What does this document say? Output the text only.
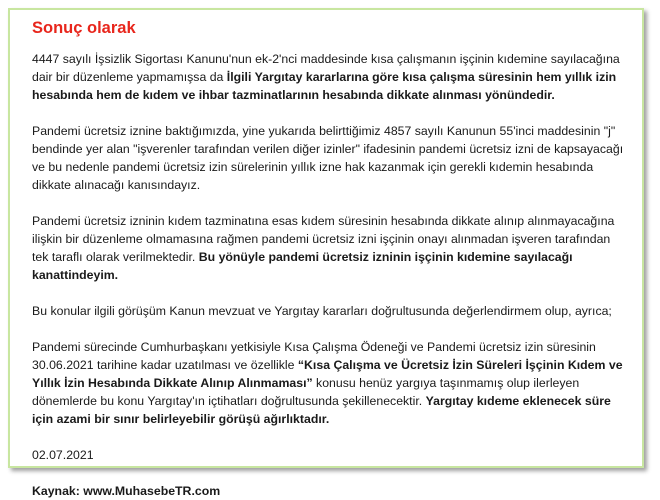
Sonuç olarak

4447 sayılı İşsizlik Sigortası Kanunu'nun ek-2'nci maddesinde kısa çalışmanın işçinin kıdemine sayılacağına dair bir düzenleme yapmamışsa da İlgili Yargıtay kararlarına göre kısa çalışma süresinin hem yıllık izin hesabında hem de kıdem ve ihbar tazminatlarının hesabında dikkate alınması yönündedir.

Pandemi ücretsiz iznine baktığımızda, yine yukarıda belirttiğimiz 4857 sayılı Kanunun 55'inci maddesinin "j" bendinde yer alan "işverenler tarafından verilen diğer izinler" ifadesinin pandemi ücretsiz izni de kapsayacağı ve bu nedenle pandemi ücretsiz izin sürelerinin yıllık izne hak kazanmak için gerekli kıdemin hesabında dikkate alınacağı kanısındayız.

Pandemi ücretsiz izninin kıdem tazminatına esas kıdem süresinin hesabında dikkate alınıp alınmayacağına ilişkin bir düzenleme olmamasına rağmen pandemi ücretsiz izni işçinin onayı alınmadan işveren tarafından tek taraflı olarak verilmektedir. Bu yönüyle pandemi ücretsiz izninin işçinin kıdemine sayılacağı kanattindeyim.

Bu konular ilgili görüşüm Kanun mevzuat ve Yargıtay kararları doğrultusunda değerlendirmem olup, ayrıca;

Pandemi sürecinde Cumhurbaşkanı yetkisiyle Kısa Çalışma Ödeneği ve Pandemi ücretsiz izin süresinin 30.06.2021 tarihine kadar uzatılması ve özellikle “Kısa Çalışma ve Ücretsiz İzin Süreleri İşçinin Kıdem ve Yıllık İzin Hesabında Dikkate Alınıp Alınmaması” konusu henüz yargıya taşınmamış olup ilerleyen dönemlerde bu konu Yargıtay'ın içtihatları doğrultusunda şekillenecektir. Yargıtay kıdeme eklenecek süre için azami bir sınır belirleyebilir görüşü ağırlıktadır.

02.07.2021

Kaynak: www.MuhasebeTR.com
